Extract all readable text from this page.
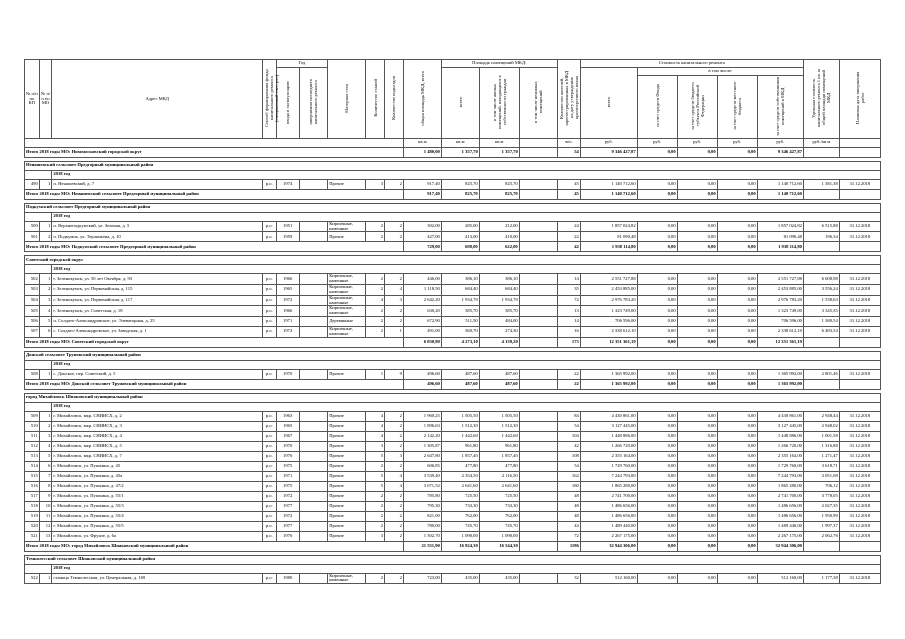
№ п/п по КП	№ п/п по МО	Адрес МКД	Способ формирования фонда капитального ремонта (специальный счет, р.о.)	Год		Материал стен	Количество этажей	Количество подъездов	общая площадь МКД, всего	Площадь помещений МКД:			Количество жителей, зарегистрированных в МКД на дату утверждения краткосрочного плана	Стоимость капитального ремонта					Удельная стоимость капитального ремонта 1 кв. м общей площади помещений МКД	Плановая дата завершения работ
				ввода в эксплуатацию	завершения последнего капитального ремонта					всего	в том числе жилых помещений, находящихся в собственности граждан	в том числе нежилых помещений		всего	в том числе:					
															за счет средств Фонда	за счет средств бюджета субъекта Российской Федерации	за счет средств местного бюджета	за счет средств собственников помещений в МКД		
									кв.м	кв.м	кв.м		чел.	руб.	руб.	руб.	руб.	руб.	руб./кв.м	
Итого 2018 годы МО: Новомосковский городской округ									1 480,00	1 357,70	1 357,70		54	9 346 427,87	0,00	0,00	0,00	9 346 427,87		

Ненашевский сельсовет Предгорный муниципальный район																				
		2018 год																		
490	1	п. Ненашевский, д. 7	р.о.	1974		Прочие	3	2	917,40	825,70	825,70		45	1 140 712,60	0,00	0,00	0,00	1 140 712,60	1 381,38	31.12.2018
Итого 2018 годы МО: Ненашевский сельсовет Предгорный муниципальный район									917,40	825,70	825,70		45	1 140 712,60	0,00	0,00	0,00	1 140 712,60		

Подкумский сельсовет Предгорный муниципальный район																				
		2018 год																		
500	1	п. Верхнеподкумский, ул. Зеленая, д. 5	р.о.	1951		Кирпичные, каменные	2	2	302,00	285,00	212,00		24	1 857 024,82	0,00	0,00	0,00	1 857 024,82	6 515,88	31.12.2018
501	2	п. Подкумок, ул. Терлиньева, д. 10	р.о.	1959		Прочие	2	2	427,00	413,00	410,00		22	81 090,48	0,00	0,00	0,00	81 090,48	196,34	31.12.2018
Итого 2018 годы МО: Подкумский сельсовет Предгорный муниципальный район									729,00	698,00	622,00		42	1 938 114,80	0,00	0,00	0,00	1 938 114,80		

Советский городской округ																				
		2018 год																		
502	1	г. Зеленокумск, ул. 50 лет Октября, д. 93	р.о.	1966		Кирпичные, каменные	2	2	446,00	386,10	386,10		14	2 551 727,88	0,00	0,00	0,00	2 551 727,88	6 608,98	31.12.2018
503	2	г. Зеленокумск, ул. Первомайская, д. 115	р.о.	1965		Кирпичные, каменные	2	4	1 118,50	684,40	684,40		35	2 453 885,00	0,00	0,00	0,00	2 453 885,00	3 556,24	31.12.2018
504	3	г. Зеленокумск, ул. Первомайская, д. 117	р.о.	1972		Кирпичные, каменные	4	3	2 642,20	1 934,70	1 934,70		72	2 976 783,20	0,00	0,00	0,00	2 976 783,20	1 538,63	31.12.2018
505	4	г. Зеленокумск, ул. Советская, д. 18	р.о.	1966		Кирпичные, каменные	2	2	630,20	385,70	385,70		13	1 323 749,00	0,00	0,00	0,00	1 323 749,00	3 345,35	31.12.2018
506	5	п. Солдато-Александровское, ул. Элеваторная, д. 25	р.о.	1971		Деревянные	2	2	672,90	511,50	484,00		14	706 596,00	0,00	0,00	0,00	706 596,00	1 380,54	31.12.2018
507	6	с. Солдато-Александровское, ул. Заводская, д. 1	р.о.	1972		Кирпичные, каменные	2	1	491,00	360,70	274,30		16	2 338 612,10	0,00	0,00	0,00	2 338 612,10	6 483,54	31.12.2018
Итого 2018 годы МО: Советский городской округ									6 030,80	4 273,10	4 139,20		173	12 351 361,19	0,00	0,00	0,00	12 351 361,19		

Донской сельсовет Труновский муниципальный район																				
		2018 год																		
508	1	с. Донское, пер. Советский, д. 5	р.о.	1970		Прочие	1	9	496,60	487,60	487,60		22	1 365 992,00	0,00	0,00	0,00	1 365 992,00	2 801,46	31.12.2018
Итого 2018 годы МО: Донской сельсовет Труновский муниципальный район									496,60	487,60	487,60		22	1 365 992,00	0,00	0,00	0,00	1 365 992,00		

город Михайловск Шпаковский муниципальный район																				
		2018 год																		
509	1	г. Михайловск, мкр. СНИИСХ, д. 2	р.о.	1963		Прочие	4	2	1 960,25	1 505,50	1 505,50		84	4 430 861,00	0,00	0,00	0,00	4 430 861,00	2 948,44	31.12.2018
510	2	г. Михайловск, мкр. СНИИСХ, д. 3	р.о.	1965		Прочие	4	2	1 896,63	1 512,30	1 512,30		54	3 127 445,00	0,00	0,00	0,00	3 127 445,00	2 948,02	31.12.2018
511	3	г. Михайловск, мкр. СНИИСХ, д. 4	р.о.	1967		Прочие	4	2	2 142,20	1 442,60	1 442,60		104	1 448 886,00	0,00	0,00	0,00	1 448 886,00	1 001,58	31.12.2018
512	4	г. Михайловск, мкр. СНИИСХ, д. 5	р.о.	1970		Прочие	3	2	1 305,87	961,80	961,80		42	1 266 720,00	0,00	0,00	0,00	1 266 720,00	1 316,88	31.12.2018
513	5	г. Михайловск, мкр. СНИИСХ, д. 7	р.о.	1976		Прочие	5	3	2 647,80	1 857,40	1 857,40		108	2 355 164,00	0,00	0,00	0,00	2 355 164,00	1 271,47	31.12.2018
514	6	г. Михайловск, ул. Пушкина, д. 45	р.о.	1975		Прочие	2	2	606,85	477,80	477,80		54	1 729 760,00	0,00	0,00	0,00	1 729 760,00	3 618,71	31.12.2018
515	7	г. Михайловск, ул. Пушкина, д. 45а	р.о.	1971		Прочие	5	4	3 539,40	2 354,50	2 116,50		162	7 244 793,00	0,00	0,00	0,00	7 244 793,00	3 051,08	31.12.2018
516	8	г. Михайловск, ул. Пушкина, д. 47/2	р.о.	1975		Прочие	5	4	3 671,52	2 641,60	2 641,60		180	1 865 280,00	0,00	0,00	0,00	1 865 280,00	706,12	31.12.2018
517	9	г. Михайловск, ул. Пушкина, д. 55/1	р.о.	1972		Прочие	2	2	785,80	725,50	725,50		48	2 741 700,00	0,00	0,00	0,00	2 741 700,00	3 778,05	31.12.2018
518	10	г. Михайловск, ул. Пушкина, д. 55/3	р.о.	1977		Прочие	2	2	795,30	733,30	733,30		48	1 486 656,00	0,00	0,00	0,00	1 486 656,00	2 027,35	31.12.2018
519	11	г. Михайловск, ул. Пушкина, д. 55/4	р.о.	1972		Прочие	2	2	821,00	762,00	762,00		48	1 486 656,00	0,00	0,00	0,00	1 486 656,00	1 950,99	31.12.2018
520	12	г. Михайловск, ул. Пушкина, д. 55/5	р.о.	1977		Прочие	2	2	780,00	745,70	745,70		44	1 489 440,00	0,00	0,00	0,00	1 489 440,00	1 997,37	31.12.2018
521	13	г. Михайловск, ул. Фрунзе, д. 6а	р.о.	1976		Прочие	3	2	1 502,70	1 090,00	1 090,00		72	2 267 175,00	0,00	0,00	0,00	2 267 175,00	2 062,76	31.12.2018
Итого 2018 годы МО: город Михайловск Шпаковский муниципальный район									21 551,90	16 824,30	16 544,30		1186	32 944 306,00	0,00	0,00	0,00	32 944 306,00		

Темнолесский сельсовет Шпаковский муниципальный район																				
		2018 год																		
522	1	станица Темнолесская, ул. Центральная, д. 169	р.о.	1980		Кирпичные, каменные	2	2	723,00	435,00	435,00		32	512 160,00	0,00	0,00	0,00	512 160,00	1 177,38	31.12.2018
